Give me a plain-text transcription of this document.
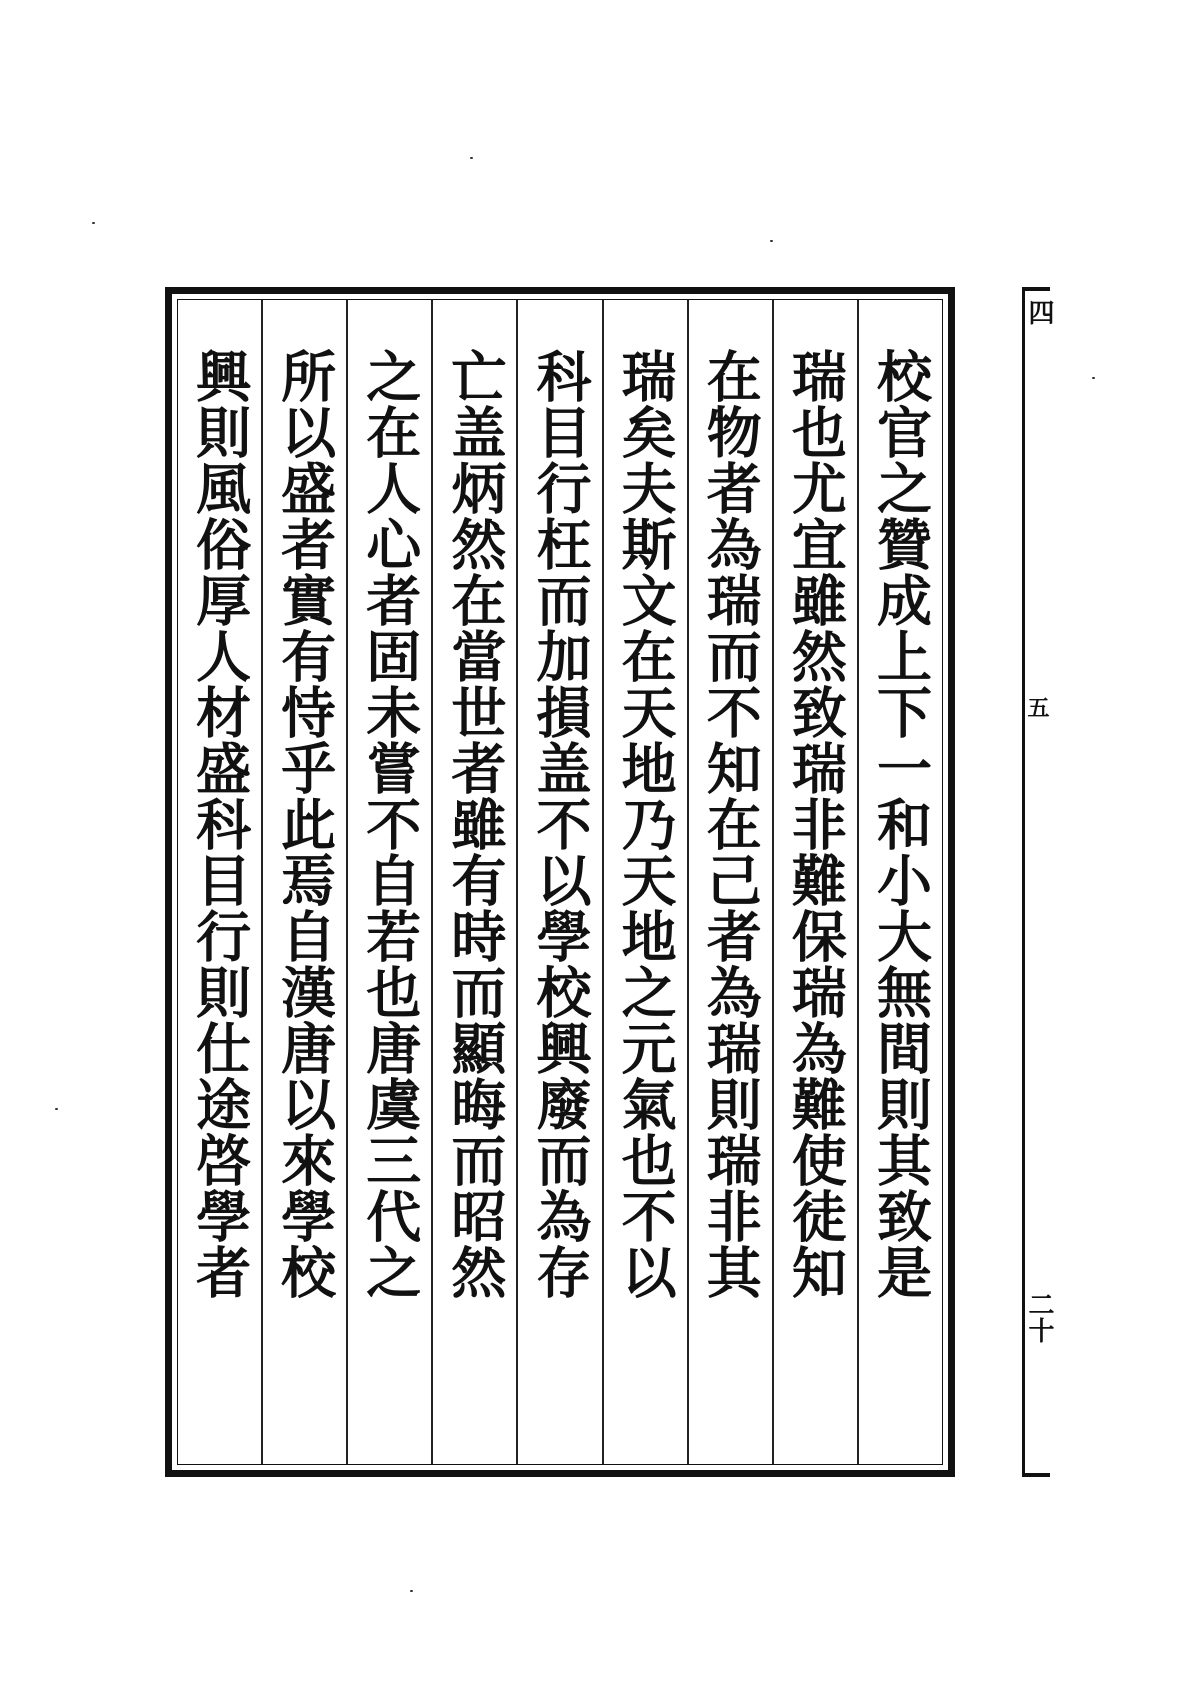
校官之贊成上下一和小大無間則其致是
瑞也尤宜雖然致瑞非難保瑞為難使徒知
在物者為瑞而不知在己者為瑞則瑞非其
瑞矣夫斯文在天地乃天地之元氣也不以
科目行枉而加損盖不以學校興廢而為存
亡盖炳然在當世者雖有時而顯晦而昭然
之在人心者固未嘗不自若也唐虞三代之
所以盛者實有恃乎此焉自漢唐以來學校
興則風俗厚人材盛科目行則仕途啓學者
四
五
二十
